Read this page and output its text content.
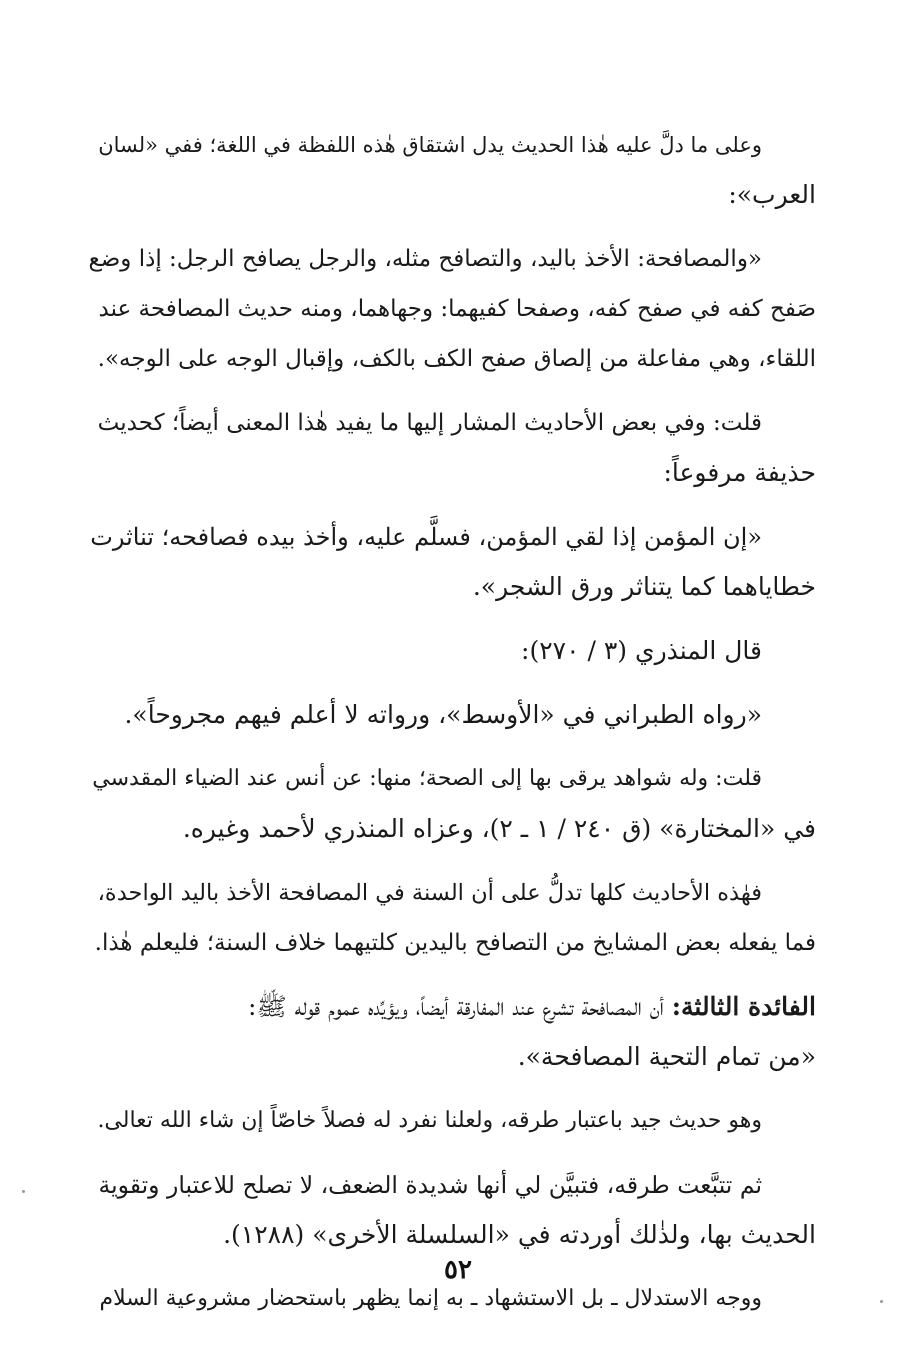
وعلى ما دلَّ عليه هٰذا الحديث يدل اشتقاق هٰذه اللفظة في اللغة؛ ففي «لسان
العرب»:

«والمصافحة: الأخذ باليد، والتصافح مثله، والرجل يصافح الرجل: إذا وضع
صَفح كفه في صفح كفه، وصفحا كفيهما: وجهاهما، ومنه حديث المصافحة عند
اللقاء، وهي مفاعلة من إلصاق صفح الكف بالكف، وإقبال الوجه على الوجه».

قلت: وفي بعض الأحاديث المشار إليها ما يفيد هٰذا المعنى أيضاً؛ كحديث
حذيفة مرفوعاً:

«إن المؤمن إذا لقي المؤمن، فسلَّم عليه، وأخذ بيده فصافحه؛ تناثرت
خطاياهما كما يتناثر ورق الشجر».

قال المنذري (٣ / ٢٧٠):

«رواه الطبراني في «الأوسط»، ورواته لا أعلم فيهم مجروحاً».

قلت: وله شواهد يرقى بها إلى الصحة؛ منها: عن أنس عند الضياء المقدسي
في «المختارة» (ق ٢٤٠ / ١ ـ ٢)، وعزاه المنذري لأحمد وغيره.

فهٰذه الأحاديث كلها تدلُّ على أن السنة في المصافحة الأخذ باليد الواحدة،
فما يفعله بعض المشايخ من التصافح باليدين كلتيهما خلاف السنة؛ فليعلم هٰذا.

الفائدة الثالثة: أن المصافحة تشرع عند المفارقة أيضاً، ويؤيِّده عموم قوله ﷺ:
«من تمام التحية المصافحة».

وهو حديث جيد باعتبار طرقه، ولعلنا نفرد له فصلاً خاصّاً إن شاء الله تعالى.

ثم تتبَّعت طرقه، فتبيَّن لي أنها شديدة الضعف، لا تصلح للاعتبار وتقوية
الحديث بها، ولذٰلك أوردته في «السلسلة الأخرى» (١٢٨٨).

ووجه الاستدلال ـ بل الاستشهاد ـ به إنما يظهر باستحضار مشروعية السلام

٥٢
